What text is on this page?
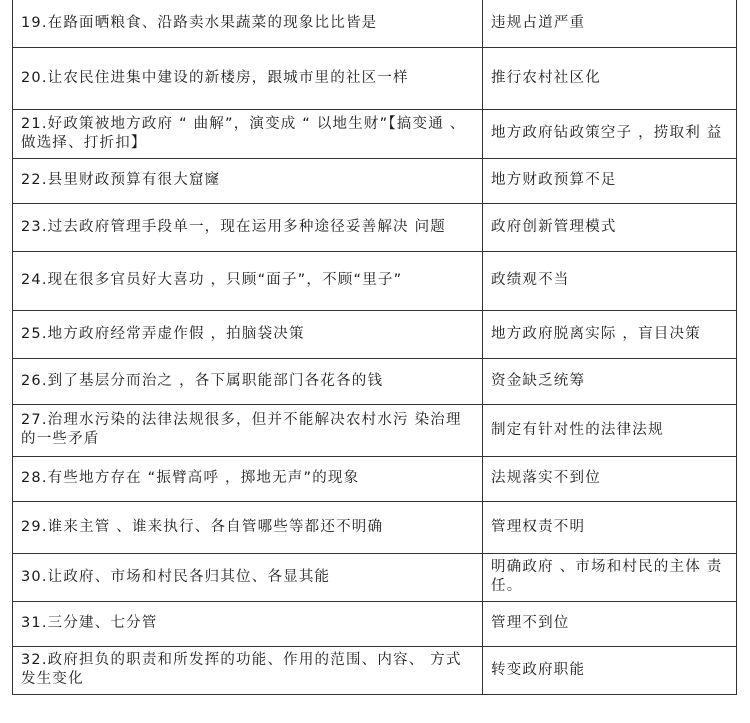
19.在路面晒粮食、沿路卖水果蔬菜的现象比比皆是	违规占道严重
20.让农民住进集中建设的新楼房，跟城市里的社区一样	推行农村社区化
21.好政策被地方政府 “ 曲解”，演变成 “ 以地生财”【搞变通 、做选择、打折扣】	地方政府钻政策空子 ，捞取利 益
22.县里财政预算有很大窟窿	地方财政预算不足
23.过去政府管理手段单一，现在运用多种途径妥善解决 问题	政府创新管理模式
24.现在很多官员好大喜功 ，只顾“面子”，不顾“里子”	政绩观不当
25.地方政府经常弄虚作假 ，拍脑袋决策	地方政府脱离实际 ，盲目决策
26.到了基层分而治之 ，各下属职能部门各花各的钱	资金缺乏统筹
27.治理水污染的法律法规很多，但并不能解决农村水污 染治理的一些矛盾	制定有针对性的法律法规
28.有些地方存在 “振臂高呼 ，掷地无声”的现象	法规落实不到位
29.谁来主管 、谁来执行、各自管哪些等都还不明确	管理权责不明
30.让政府、市场和村民各归其位、各显其能	明确政府 、市场和村民的主体 责任。
31.三分建、七分管	管理不到位
32.政府担负的职责和所发挥的功能、作用的范围、内容、 方式发生变化	转变政府职能
